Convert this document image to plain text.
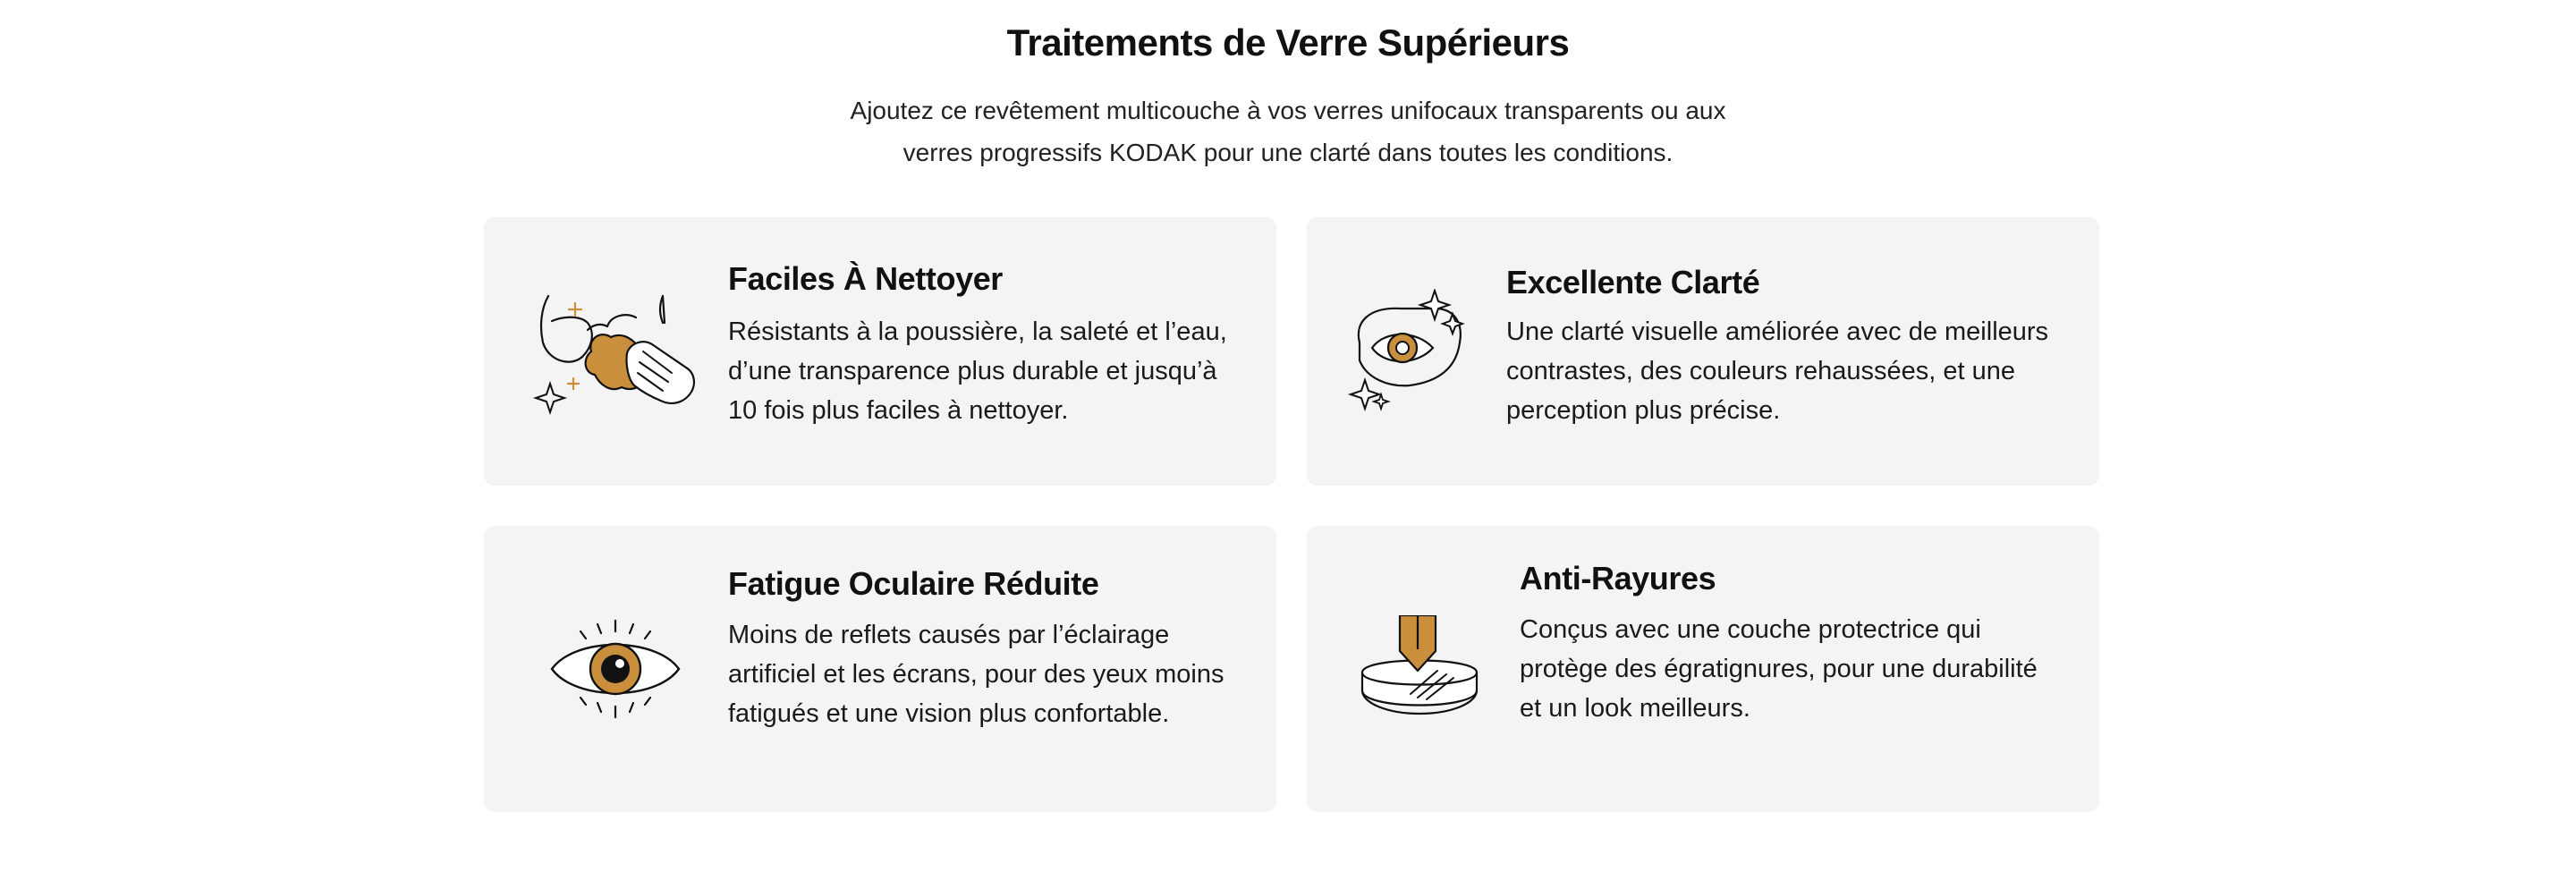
Traitements de Verre Supérieurs

Ajoutez ce revêtement multicouche à vos verres unifocaux transparents ou aux verres progressifs KODAK pour une clarté dans toutes les conditions.

Faciles À Nettoyer

Résistants à la poussière, la saleté et l’eau, d’une transparence plus durable et jusqu’à 10 fois plus faciles à nettoyer.

Excellente Clarté

Une clarté visuelle améliorée avec de meilleurs contrastes, des couleurs rehaussées, et une perception plus précise.

Fatigue Oculaire Réduite

Moins de reflets causés par l’éclairage artificiel et les écrans, pour des yeux moins fatigués et une vision plus confortable.

Anti-Rayures

Conçus avec une couche protectrice qui protège des égratignures, pour une durabilité et un look meilleurs.
